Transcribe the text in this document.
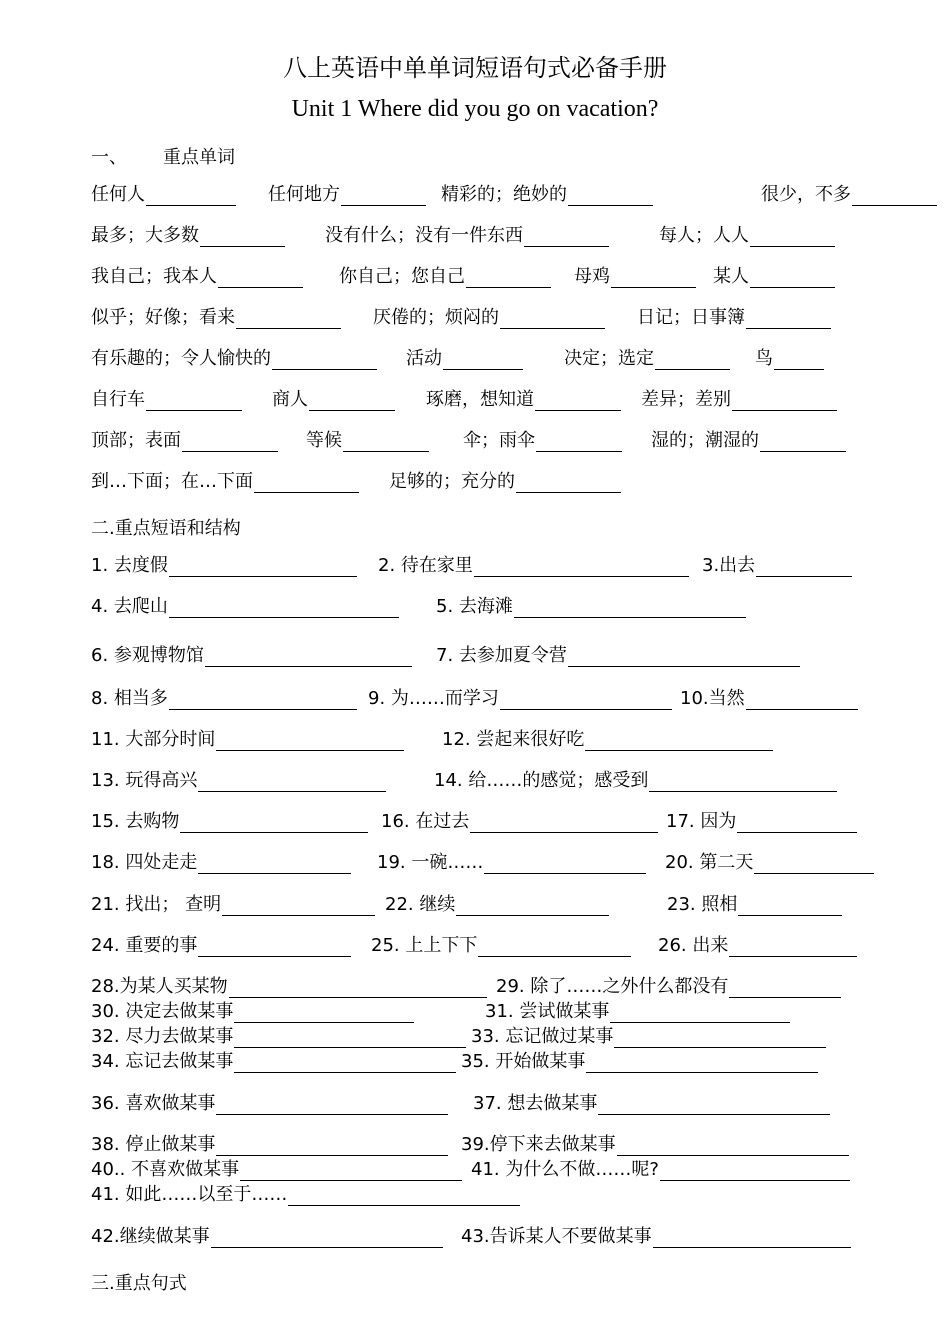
八上英语中单单词短语句式必备手册
Unit 1 Where did you go on vacation?
一、 重点单词
任何人	任何地方	精彩的；绝妙的	很少，不多
最多；大多数	没有什么；没有一件东西	每人；人人
我自己；我本人	你自己；您自己	母鸡	某人
似乎；好像；看来	厌倦的；烦闷的	日记；日事簿
有乐趣的；令人愉快的	活动	决定；选定	鸟
自行车	商人	琢磨，想知道	差异；差别
顶部；表面	等候	伞；雨伞	湿的；潮湿的
到…下面；在…下面	足够的；充分的
二.重点短语和结构
1. 去度假	2. 待在家里	3.出去
4. 去爬山	5. 去海滩
6. 参观博物馆	7. 去参加夏令营
8. 相当多	9. 为……而学习	10.当然
11. 大部分时间	12. 尝起来很好吃
13. 玩得高兴	14. 给……的感觉；感受到
15. 去购物	16. 在过去	17. 因为
18. 四处走走	19. 一碗……	20. 第二天
21. 找出； 查明	22. 继续	23. 照相
24. 重要的事	25. 上上下下	26. 出来
28.为某人买某物	29. 除了……之外什么都没有
30. 决定去做某事	31. 尝试做某事
32. 尽力去做某事	33. 忘记做过某事
34. 忘记去做某事	35. 开始做某事
36. 喜欢做某事	37. 想去做某事
38. 停止做某事	39.停下来去做某事
40.. 不喜欢做某事	41. 为什么不做……呢?
41. 如此……以至于……
42.继续做某事	43.告诉某人不要做某事
三.重点句式
